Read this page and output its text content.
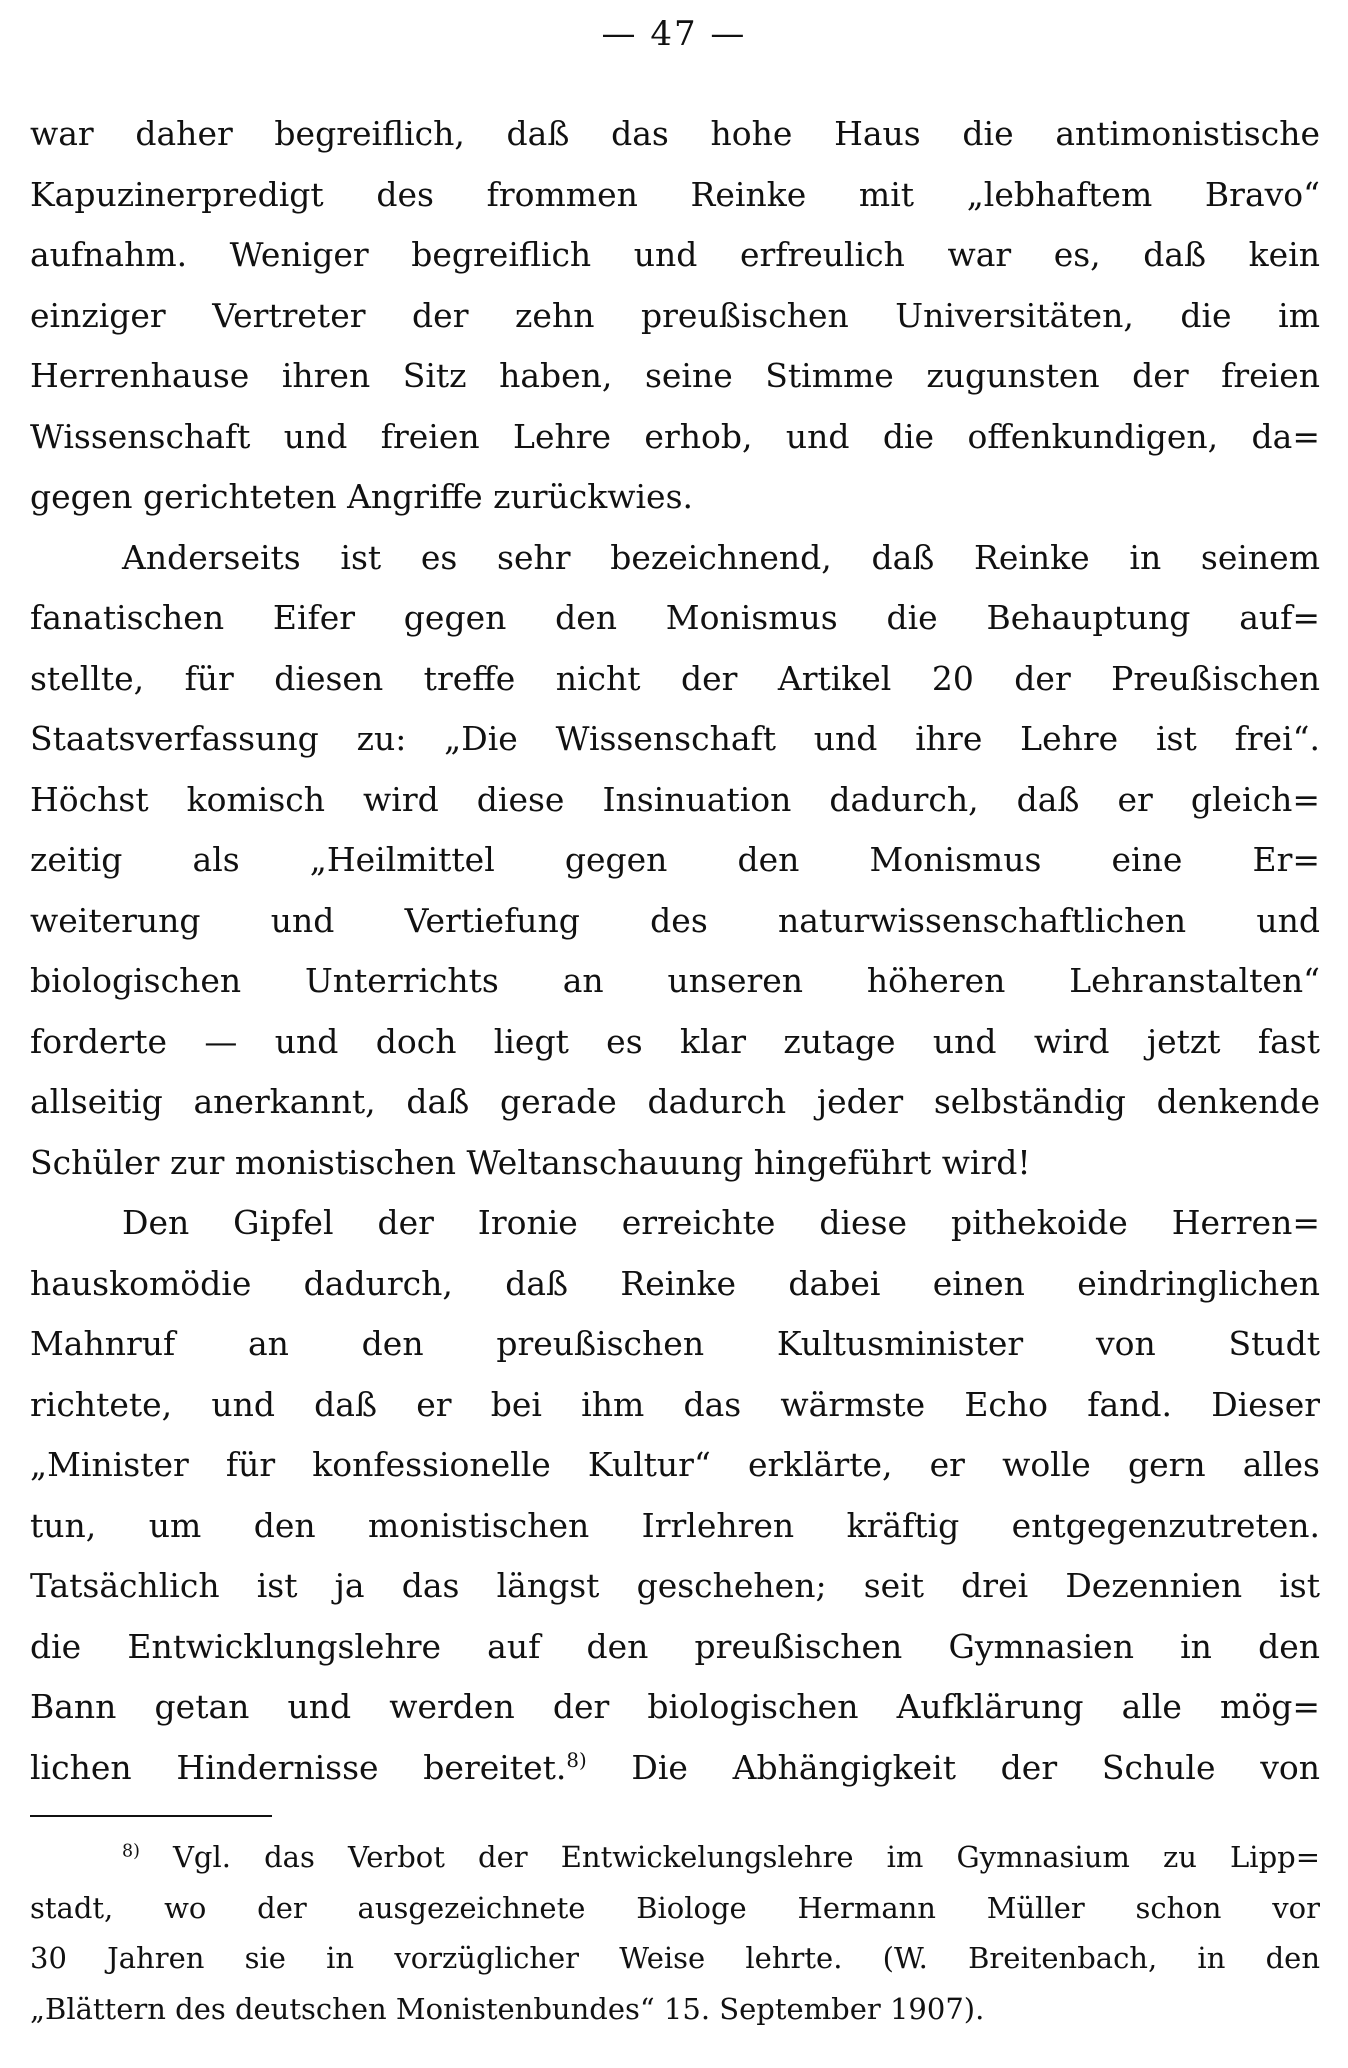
— 47 —
war daher begreiflich, daß das hohe Haus die antimonistische
Kapuzinerpredigt des frommen Reinke mit „lebhaftem Bravo“
aufnahm. Weniger begreiflich und erfreulich war es, daß kein
einziger Vertreter der zehn preußischen Universitäten, die im
Herrenhause ihren Sitz haben, seine Stimme zugunsten der freien
Wissenschaft und freien Lehre erhob, und die offenkundigen, da=
gegen gerichteten Angriffe zurückwies.
Anderseits ist es sehr bezeichnend, daß Reinke in seinem
fanatischen Eifer gegen den Monismus die Behauptung auf=
stellte, für diesen treffe nicht der Artikel 20 der Preußischen
Staatsverfassung zu: „Die Wissenschaft und ihre Lehre ist frei“.
Höchst komisch wird diese Insinuation dadurch, daß er gleich=
zeitig als „Heilmittel gegen den Monismus eine Er=
weiterung und Vertiefung des naturwissenschaftlichen und
biologischen Unterrichts an unseren höheren Lehranstalten“
forderte — und doch liegt es klar zutage und wird jetzt fast
allseitig anerkannt, daß gerade dadurch jeder selbständig denkende
Schüler zur monistischen Weltanschauung hingeführt wird!
Den Gipfel der Ironie erreichte diese pithekoide Herren=
hauskomödie dadurch, daß Reinke dabei einen eindringlichen
Mahnruf an den preußischen Kultusminister von Studt
richtete, und daß er bei ihm das wärmste Echo fand. Dieser
„Minister für konfessionelle Kultur“ erklärte, er wolle gern alles
tun, um den monistischen Irrlehren kräftig entgegenzutreten.
Tatsächlich ist ja das längst geschehen; seit drei Dezennien ist
die Entwicklungslehre auf den preußischen Gymnasien in den
Bann getan und werden der biologischen Aufklärung alle mög=
lichen Hindernisse bereitet.$^{8)}$ Die Abhängigkeit der Schule von
$^{8)}$ Vgl. das Verbot der Entwickelungslehre im Gymnasium zu Lipp=
stadt, wo der ausgezeichnete Biologe Hermann Müller schon vor
30 Jahren sie in vorzüglicher Weise lehrte. (W. Breitenbach, in den
„Blättern des deutschen Monistenbundes“ 15. September 1907).
